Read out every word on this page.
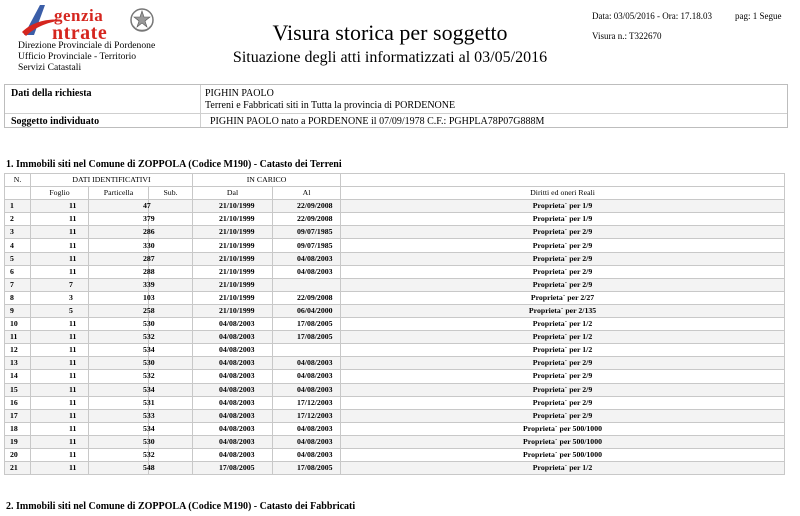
genzia
ntrate
Direzione Provinciale di Pordenone
Ufficio Provinciale - Territorio
Servizi Catastali
Visura storica per soggetto
Situazione degli atti informatizzati al 03/05/2016
Data: 03/05/2016 - Ora: 17.18.03	pag: 1 Segue
Visura n.: T322670
Dati della richiesta	PIGHIN PAOLO
Terreni e Fabbricati siti in Tutta la provincia di PORDENONE
Soggetto individuato	PIGHIN PAOLO nato a PORDENONE il 07/09/1978 C.F.: PGHPLA78P07G888M
1. Immobili siti nel Comune di ZOPPOLA (Codice M190) - Catasto dei Terreni
N.	DATI IDENTIFICATIVI			IN CARICO		
	Foglio	Particella	Sub.	Dal	Al	Diritti ed oneri Reali
1	11	47		21/10/1999	22/09/2008	Proprieta` per 1/9
2	11	379		21/10/1999	22/09/2008	Proprieta` per 1/9
3	11	286		21/10/1999	09/07/1985	Proprieta` per 2/9
4	11	330		21/10/1999	09/07/1985	Proprieta` per 2/9
5	11	287		21/10/1999	04/08/2003	Proprieta` per 2/9
6	11	288		21/10/1999	04/08/2003	Proprieta` per 2/9
7	7	339		21/10/1999		Proprieta` per 2/9
8	3	103		21/10/1999	22/09/2008	Proprieta` per 2/27
9	5	258		21/10/1999	06/04/2000	Proprieta` per 2/135
10	11	530		04/08/2003	17/08/2005	Proprieta` per 1/2
11	11	532		04/08/2003	17/08/2005	Proprieta` per 1/2
12	11	534		04/08/2003		Proprieta` per 1/2
13	11	530		04/08/2003	04/08/2003	Proprieta` per 2/9
14	11	532		04/08/2003	04/08/2003	Proprieta` per 2/9
15	11	534		04/08/2003	04/08/2003	Proprieta` per 2/9
16	11	531		04/08/2003	17/12/2003	Proprieta` per 2/9
17	11	533		04/08/2003	17/12/2003	Proprieta` per 2/9
18	11	534		04/08/2003	04/08/2003	Proprieta` per 500/1000
19	11	530		04/08/2003	04/08/2003	Proprieta` per 500/1000
20	11	532		04/08/2003	04/08/2003	Proprieta` per 500/1000
21	11	548		17/08/2005	17/08/2005	Proprieta` per 1/2
2. Immobili siti nel Comune di ZOPPOLA (Codice M190) - Catasto dei Fabbricati
